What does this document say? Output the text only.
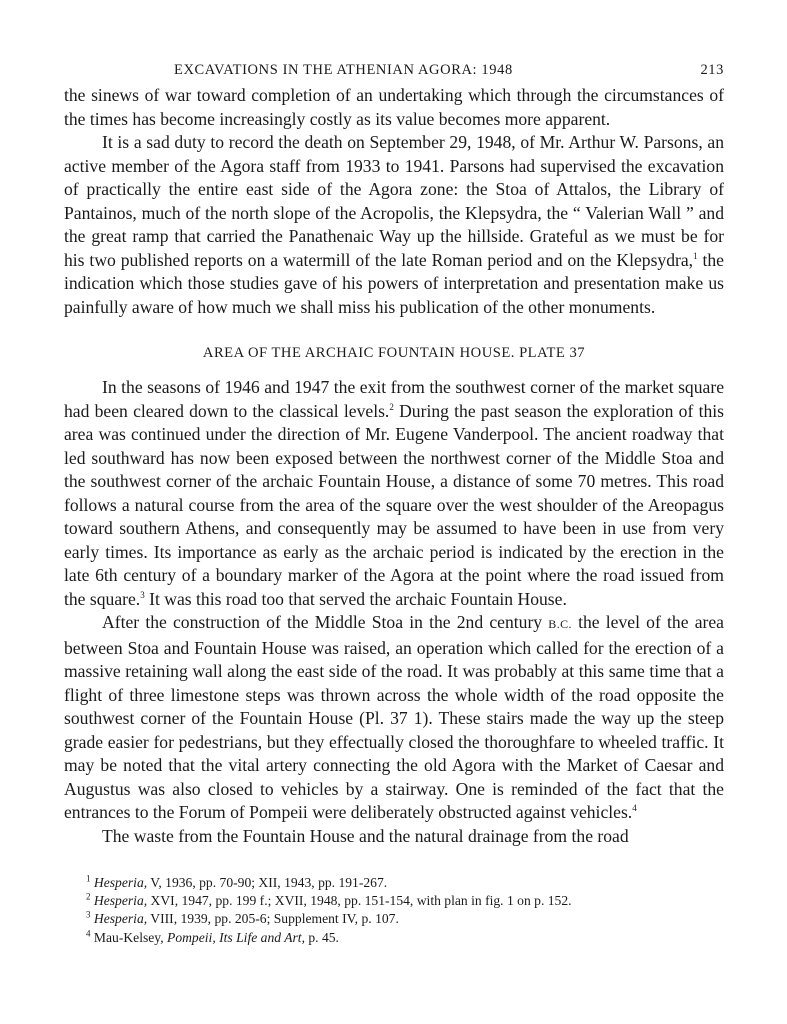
EXCAVATIONS IN THE ATHENIAN AGORA: 1948	213

the sinews of war toward completion of an undertaking which through the circumstances of the times has become increasingly costly as its value becomes more apparent.

It is a sad duty to record the death on September 29, 1948, of Mr. Arthur W. Parsons, an active member of the Agora staff from 1933 to 1941. Parsons had supervised the excavation of practically the entire east side of the Agora zone: the Stoa of Attalos, the Library of Pantainos, much of the north slope of the Acropolis, the Klepsydra, the “ Valerian Wall ” and the great ramp that carried the Panathenaic Way up the hillside. Grateful as we must be for his two published reports on a watermill of the late Roman period and on the Klepsydra,$^1$ the indication which those studies gave of his powers of interpretation and presentation make us painfully aware of how much we shall miss his publication of the other monuments.

AREA OF THE ARCHAIC FOUNTAIN HOUSE. PLATE 37

In the seasons of 1946 and 1947 the exit from the southwest corner of the market square had been cleared down to the classical levels.$^2$ During the past season the exploration of this area was continued under the direction of Mr. Eugene Vanderpool. The ancient roadway that led southward has now been exposed between the northwest corner of the Middle Stoa and the southwest corner of the archaic Fountain House, a distance of some 70 metres. This road follows a natural course from the area of the square over the west shoulder of the Areopagus toward southern Athens, and consequently may be assumed to have been in use from very early times. Its importance as early as the archaic period is indicated by the erection in the late 6th century of a boundary marker of the Agora at the point where the road issued from the square.$^3$ It was this road too that served the archaic Fountain House.

After the construction of the Middle Stoa in the 2nd century B.C. the level of the area between Stoa and Fountain House was raised, an operation which called for the erection of a massive retaining wall along the east side of the road. It was probably at this same time that a flight of three limestone steps was thrown across the whole width of the road opposite the southwest corner of the Fountain House (Pl. 37 1). These stairs made the way up the steep grade easier for pedestrians, but they effectually closed the thoroughfare to wheeled traffic. It may be noted that the vital artery connecting the old Agora with the Market of Caesar and Augustus was also closed to vehicles by a stairway. One is reminded of the fact that the entrances to the Forum of Pompeii were deliberately obstructed against vehicles.$^4$

The waste from the Fountain House and the natural drainage from the road

$^1$ Hesperia, V, 1936, pp. 70-90; XII, 1943, pp. 191-267.
$^2$ Hesperia, XVI, 1947, pp. 199 f.; XVII, 1948, pp. 151-154, with plan in fig. 1 on p. 152.
$^3$ Hesperia, VIII, 1939, pp. 205-6; Supplement IV, p. 107.
$^4$ Mau-Kelsey, Pompeii, Its Life and Art, p. 45.
